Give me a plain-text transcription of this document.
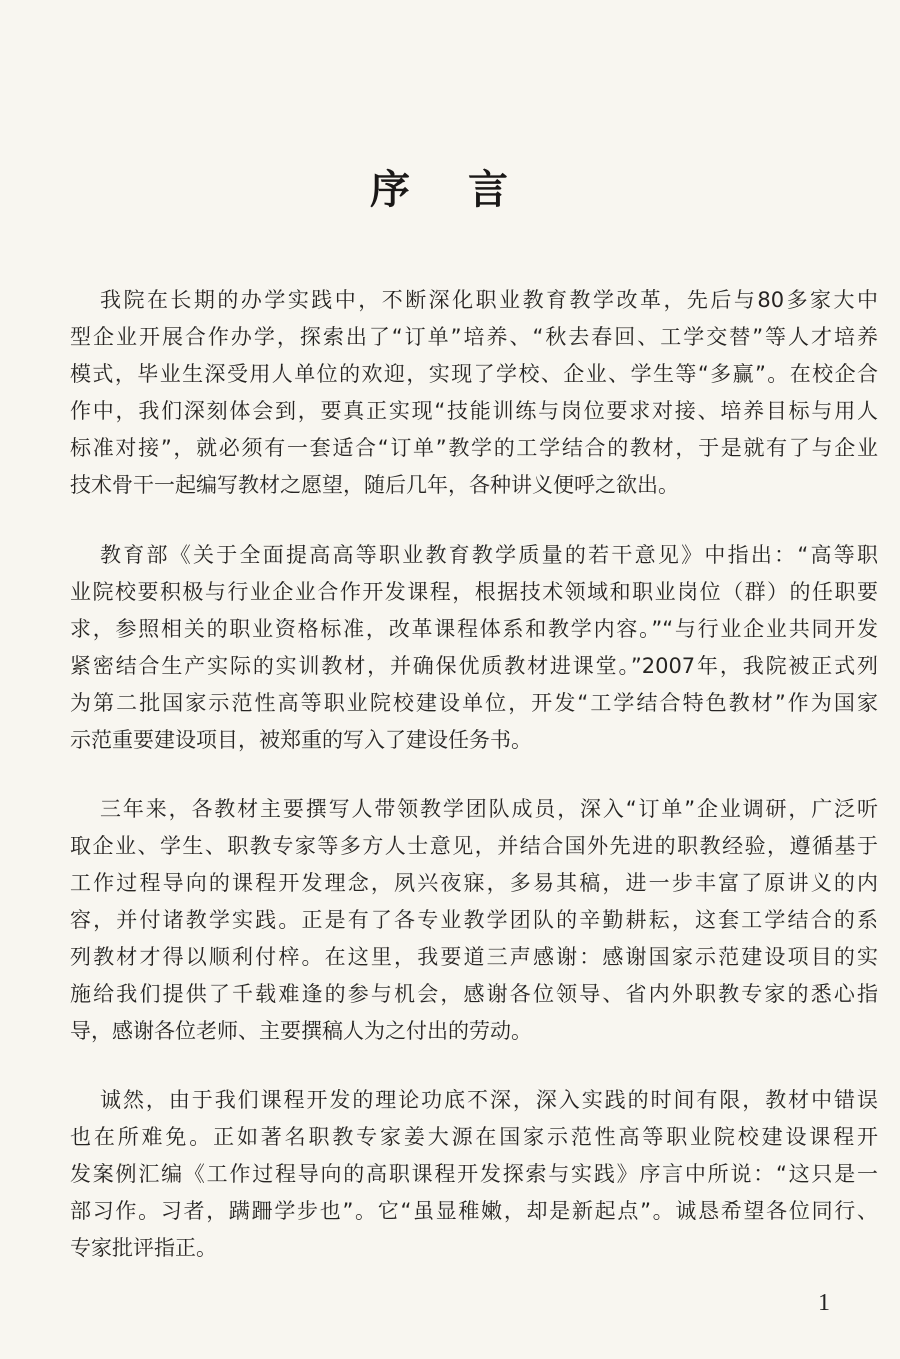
序 言
我院在长期的办学实践中，不断深化职业教育教学改革，先后与80多家大中
型企业开展合作办学，探索出了“订单”培养、“秋去春回、工学交替”等人才培养
模式，毕业生深受用人单位的欢迎，实现了学校、企业、学生等“多赢”。在校企合
作中，我们深刻体会到，要真正实现“技能训练与岗位要求对接、培养目标与用人
标准对接”，就必须有一套适合“订单”教学的工学结合的教材，于是就有了与企业
技术骨干一起编写教材之愿望，随后几年，各种讲义便呼之欲出。
教育部《关于全面提高高等职业教育教学质量的若干意见》中指出：“高等职
业院校要积极与行业企业合作开发课程，根据技术领域和职业岗位（群）的任职要
求，参照相关的职业资格标准，改革课程体系和教学内容。”“与行业企业共同开发
紧密结合生产实际的实训教材，并确保优质教材进课堂。”2007年，我院被正式列
为第二批国家示范性高等职业院校建设单位，开发“工学结合特色教材”作为国家
示范重要建设项目，被郑重的写入了建设任务书。
三年来，各教材主要撰写人带领教学团队成员，深入“订单”企业调研，广泛听
取企业、学生、职教专家等多方人士意见，并结合国外先进的职教经验，遵循基于
工作过程导向的课程开发理念，夙兴夜寐，多易其稿，进一步丰富了原讲义的内
容，并付诸教学实践。正是有了各专业教学团队的辛勤耕耘，这套工学结合的系
列教材才得以顺利付梓。在这里，我要道三声感谢：感谢国家示范建设项目的实
施给我们提供了千载难逢的参与机会，感谢各位领导、省内外职教专家的悉心指
导，感谢各位老师、主要撰稿人为之付出的劳动。
诚然，由于我们课程开发的理论功底不深，深入实践的时间有限，教材中错误
也在所难免。正如著名职教专家姜大源在国家示范性高等职业院校建设课程开
发案例汇编《工作过程导向的高职课程开发探索与实践》序言中所说：“这只是一
部习作。习者，蹒跚学步也”。它“虽显稚嫩，却是新起点”。诚恳希望各位同行、
专家批评指正。
1
